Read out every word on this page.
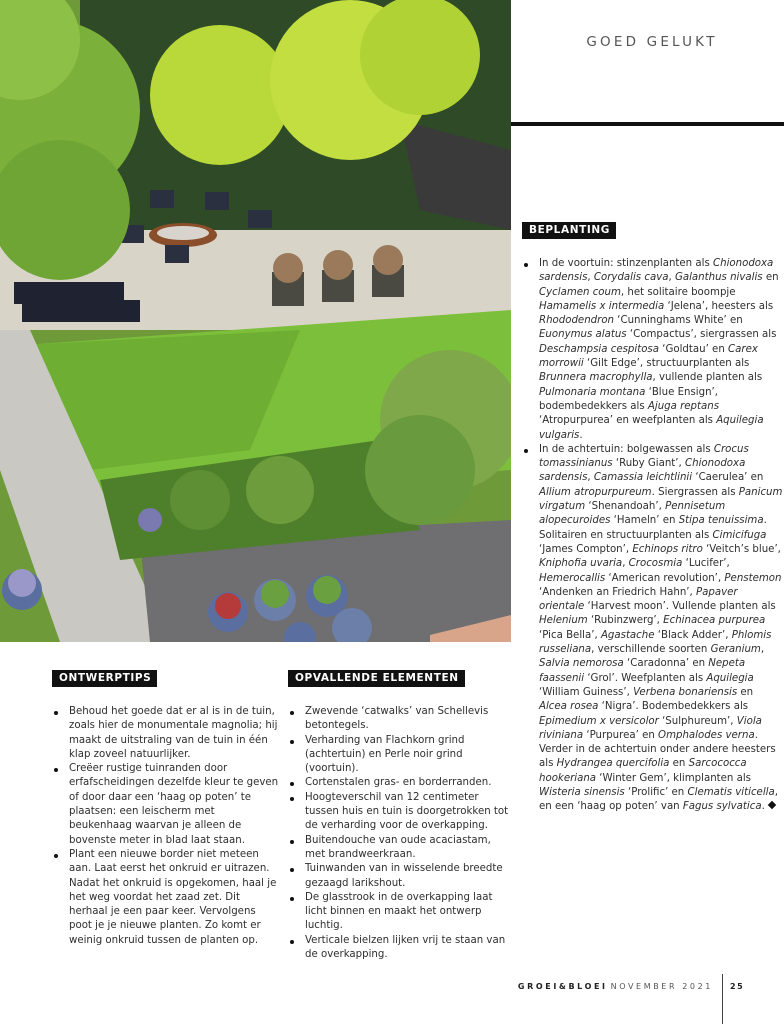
GOED GELUKT
BEPLANTING
In de voortuin: stinzenplanten als Chionodoxa sardensis, Corydalis cava, Galanthus nivalis en Cyclamen coum, het solitaire boompje Hamamelis x intermedia ‘Jelena’, heesters als Rhododendron ‘Cunninghams White’ en Euonymus alatus ‘Compactus’, siergrassen als Deschampsia cespitosa ‘Goldtau’ en Carex morrowii ‘Gilt Edge’, structuurplanten als Brunnera macrophylla, vullende planten als Pulmonaria montana ‘Blue Ensign’, bodembedekkers als Ajuga reptans ‘Atropurpurea’ en weefplanten als Aquilegia vulgaris.
In de achtertuin: bolgewassen als Crocus tomassinianus ‘Ruby Giant’, Chionodoxa sardensis, Camassia leichtlinii ‘Caerulea’ en Allium atropurpureum. Siergrassen als Panicum virgatum ‘Shenandoah’, Pennisetum alopecuroides ‘Hameln’ en Stipa tenuissima. Solitairen en structuurplanten als Cimicifuga ‘James Compton’, Echinops ritro ‘Veitch’s blue’, Kniphofia uvaria, Crocosmia ‘Lucifer’, Hemerocallis ‘American revolution’, Penstemon ‘Andenken an Friedrich Hahn’, Papaver orientale ‘Harvest moon’. Vullende planten als Helenium ‘Rubinzwerg’, Echinacea purpurea ‘Pica Bella’, Agastache ‘Black Adder’, Phlomis russeliana, verschillende soorten Geranium, Salvia nemorosa ‘Caradonna’ en Nepeta faassenii ‘Grol’. Weefplanten als Aquilegia ‘William Guiness’, Verbena bonariensis en Alcea rosea ‘Nigra’. Bodembedekkers als Epimedium x versicolor ‘Sulphureum’, Viola riviniana ‘Purpurea’ en Omphalodes verna. Verder in de achtertuin onder andere heesters als Hydrangea quercifolia en Sarcococca hookeriana ‘Winter Gem’, klimplanten als Wisteria sinensis ‘Prolific’ en Clematis viticella, en een ‘haag op poten’ van Fagus sylvatica.
ONTWERPTIPS
Behoud het goede dat er al is in de tuin, zoals hier de monumentale magnolia; hij maakt de uitstraling van de tuin in één klap zoveel natuurlijker.
Creëer rustige tuinranden door erfafscheidingen dezelfde kleur te geven of door daar een ‘haag op poten’ te plaatsen: een leischerm met beukenhaag waarvan je alleen de bovenste meter in blad laat staan.
Plant een nieuwe border niet meteen aan. Laat eerst het onkruid er uitrazen. Nadat het onkruid is opgekomen, haal je het weg voordat het zaad zet. Dit herhaal je een paar keer. Vervolgens poot je je nieuwe planten. Zo komt er weinig onkruid tussen de planten op.
OPVALLENDE ELEMENTEN
Zwevende ‘catwalks’ van Schellevis betontegels.
Verharding van Flachkorn grind (achtertuin) en Perle noir grind (voortuin).
Cortenstalen gras- en borderranden.
Hoogteverschil van 12 centimeter tussen huis en tuin is doorgetrokken tot de verharding voor de overkapping.
Buitendouche van oude acaciastam, met brandweerkraan.
Tuinwanden van in wisselende breedte gezaagd larikshout.
De glasstrook in de overkapping laat licht binnen en maakt het ontwerp luchtig.
Verticale bielzen lijken vrij te staan van de overkapping.
GROEI&BLOEI NOVEMBER 2021 25
